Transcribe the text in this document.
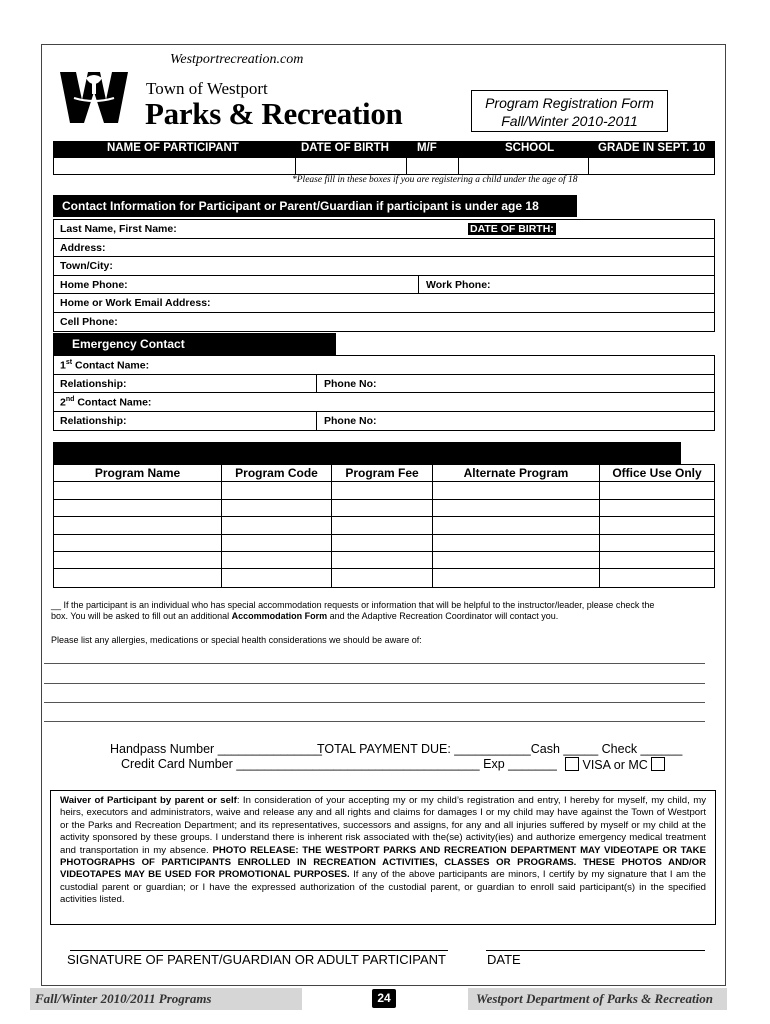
Westportrecreation.com
Town of Westport
Parks & Recreation	Program Registration Form
Fall/Winter 2010-2011
NAME OF PARTICIPANT	DATE OF BIRTH M/F	SCHOOL	GRADE IN SEPT. 10
*Please fill in these boxes if you are registering a child under the age of 18
Contact Information for Participant or Parent/Guardian if participant is under age 18
Last Name, First Name:	DATE OF BIRTH:
Address:
Town/City:
Home Phone:	Work Phone:
Home or Work Email Address:
Cell Phone:
Emergency Contact
1st Contact Name:
Relationship:	Phone No:
2nd Contact Name:
Relationship:	Phone No:
Program Name	Program Code	Program Fee	Alternate Program	Office Use Only
__ If the participant is an individual who has special accommodation requests or information that will be helpful to the instructor/leader, please check the
box. You will be asked to fill out an additional Accommodation Form and the Adaptive Recreation Coordinator will contact you.
Please list any allergies, medications or special health considerations we should be aware of:
Handpass Number _______________
TOTAL PAYMENT DUE: ___________Cash _____ Check ______
Credit Card Number ___________________________________ Exp _______	VISA or MC
Waiver of Participant by parent or self: In consideration of your accepting my or my child’s registration and entry, I hereby for myself, my child, my heirs, executors and administrators, waive and release any and all rights and claims for damages I or my child may have against the Town of Westport or the Parks and Recreation Department; and its representatives, successors and assigns, for any and all injuries suffered by myself or my child at the activity sponsored by these groups. I understand there is inherent risk associated with the(se) activity(ies) and authorize emergency medical treatment and transportation in my absence. PHOTO RELEASE: THE WESTPORT PARKS AND RECREATION DEPARTMENT MAY VIDEOTAPE OR TAKE PHOTOGRAPHS OF PARTICIPANTS ENROLLED IN RECREATION ACTIVITIES, CLASSES OR PROGRAMS. THESE PHOTOS AND/OR VIDEOTAPES MAY BE USED FOR PROMOTIONAL PURPOSES. If any of the above participants are minors, I certify by my signature that I am the custodial parent or guardian; or I have the expressed authorization of the custodial parent, or guardian to enroll said participant(s) in the specified activities listed.
SIGNATURE OF PARENT/GUARDIAN OR ADULT PARTICIPANT	DATE
Fall/Winter 2010/2011 Programs	24	Westport Department of Parks & Recreation
